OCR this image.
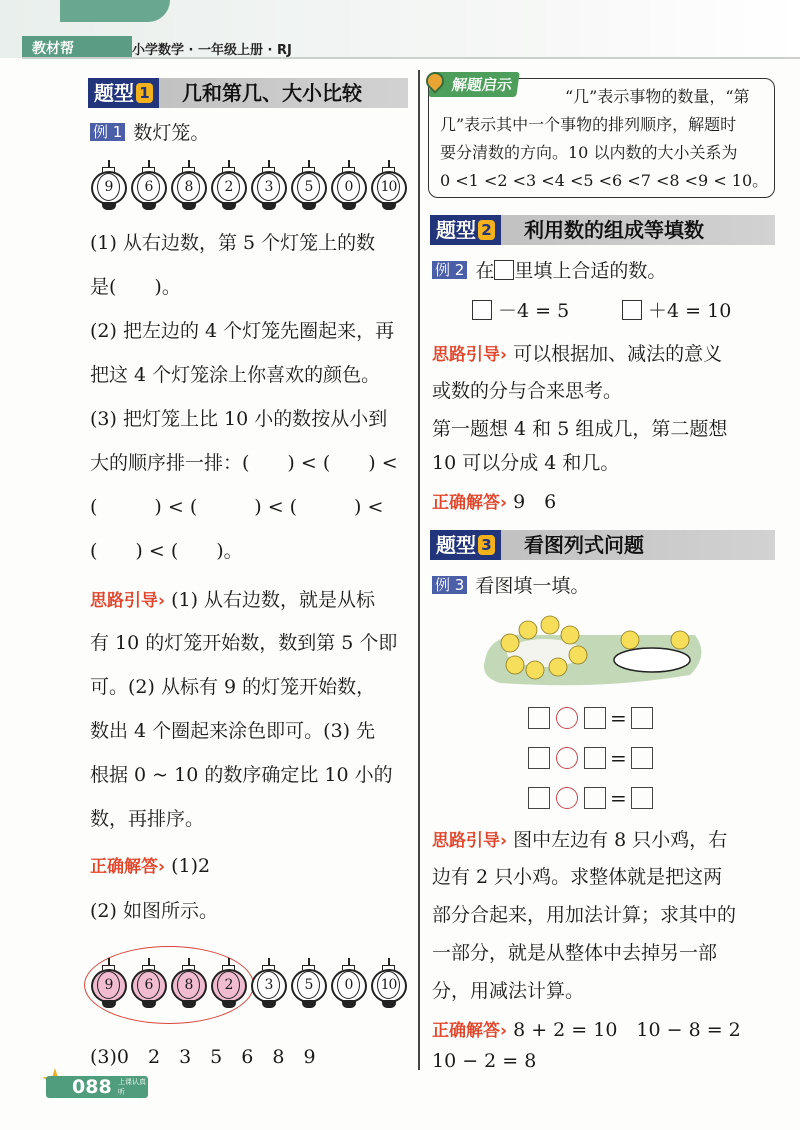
教材帮	小学数学 · 一年级上册 · RJ
题型 1 几和第几、大小比较
例 1 数灯笼。
9	6	8	2	3	5	0	10
(1) 从右边数，第 5 个灯笼上的数
是(　　)。
(2) 把左边的 4 个灯笼先圈起来，再
把这 4 个灯笼涂上你喜欢的颜色。
(3) 把灯笼上比 10 小的数按从小到
大的顺序排一排：(　　) < (　　) <
(　　　) < (　　　) < (　　　) <
(　　) < (　　)。
思路引导› (1) 从右边数，就是从标
有 10 的灯笼开始数，数到第 5 个即
可。(2) 从标有 9 的灯笼开始数，
数出 4 个圈起来涂色即可。(3) 先
根据 0 ~ 10 的数序确定比 10 小的
数，再排序。
正确解答› (1)2
(2) 如图所示。
9	6	8	2	3	5	0	10
(3)0　2　3　5　6　8　9
088 上课认真听
下课练天天
解题启示
“几”表示事物的数量，“第
几”表示其中一个事物的排列顺序，解题时
要分清数的方向。10 以内数的大小关系为
0 <1 <2 <3 <4 <5 <6 <7 <8 <9 < 10。
题型 2 利用数的组成等填数
例 2 在 里填上合适的数。
－4 = 5	＋4 = 10
思路引导› 可以根据加、减法的意义
或数的分与合来思考。
第一题想 4 和 5 组成几，第二题想
10 可以分成 4 和几。
正确解答› 9　6
题型 3 看图列式问题
例 3 看图填一填。
=
=
=
思路引导› 图中左边有 8 只小鸡，右
边有 2 只小鸡。求整体就是把这两
部分合起来，用加法计算；求其中的
一部分，就是从整体中去掉另一部
分，用减法计算。
正确解答› 8 + 2 = 10　10 − 8 = 2
10 − 2 = 8
